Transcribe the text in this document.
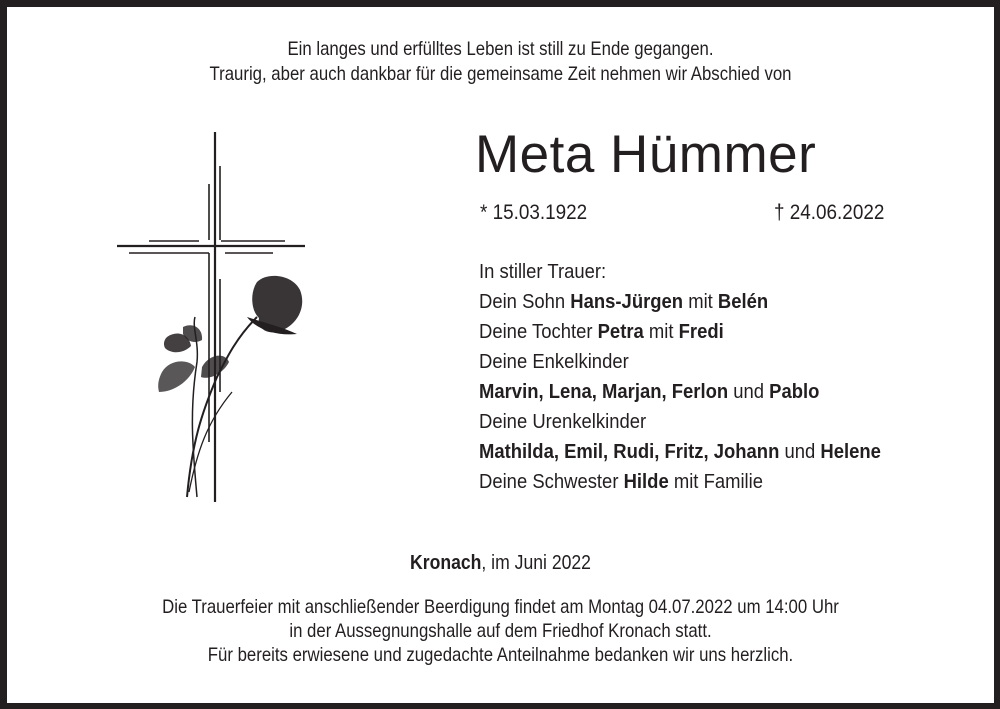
Ein langes und erfülltes Leben ist still zu Ende gegangen.
Traurig, aber auch dankbar für die gemeinsame Zeit nehmen wir Abschied von
Meta Hümmer
* 15.03.1922	† 24.06.2022
In stiller Trauer:
Dein Sohn Hans-Jürgen mit Belén
Deine Tochter Petra mit Fredi
Deine Enkelkinder
Marvin, Lena, Marjan, Ferlon und Pablo
Deine Urenkelkinder
Mathilda, Emil, Rudi, Fritz, Johann und Helene
Deine Schwester Hilde mit Familie
Kronach, im Juni 2022
Die Trauerfeier mit anschließender Beerdigung findet am Montag 04.07.2022 um 14:00 Uhr
in der Aussegnungshalle auf dem Friedhof Kronach statt.
Für bereits erwiesene und zugedachte Anteilnahme bedanken wir uns herzlich.
